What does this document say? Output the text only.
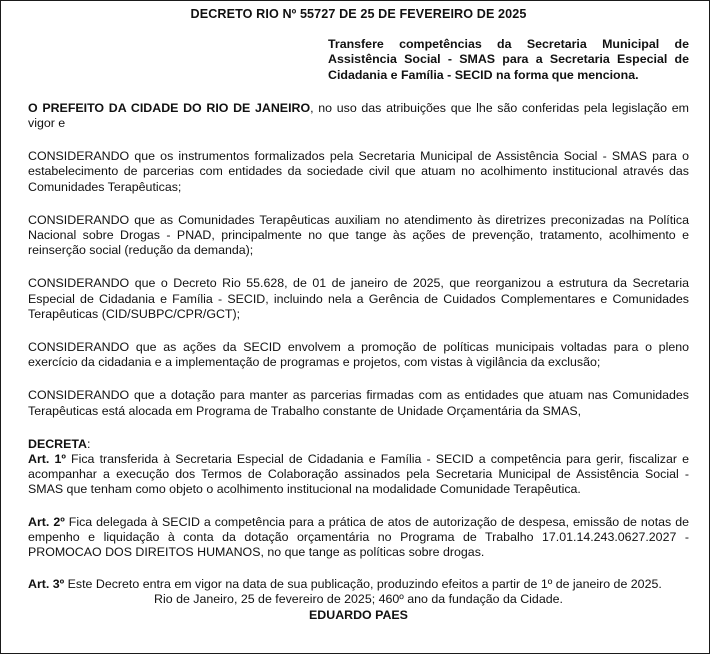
DECRETO RIO Nº 55727 DE 25 DE FEVEREIRO DE 2025
Transfere competências da Secretaria Municipal de Assistência Social - SMAS para a Secretaria Especial de Cidadania e Família - SECID na forma que menciona.

O PREFEITO DA CIDADE DO RIO DE JANEIRO, no uso das atribuições que lhe são conferidas pela legislação em vigor e

CONSIDERANDO que os instrumentos formalizados pela Secretaria Municipal de Assistência Social - SMAS para o estabelecimento de parcerias com entidades da sociedade civil que atuam no acolhimento institucional através das Comunidades Terapêuticas;

CONSIDERANDO que as Comunidades Terapêuticas auxiliam no atendimento às diretrizes preconizadas na Política Nacional sobre Drogas - PNAD, principalmente no que tange às ações de prevenção, tratamento, acolhimento e reinserção social (redução da demanda);

CONSIDERANDO que o Decreto Rio 55.628, de 01 de janeiro de 2025, que reorganizou a estrutura da Secretaria Especial de Cidadania e Família - SECID, incluindo nela a Gerência de Cuidados Complementares e Comunidades Terapêuticas (CID/SUBPC/CPR/GCT);

CONSIDERANDO que as ações da SECID envolvem a promoção de políticas municipais voltadas para o pleno exercício da cidadania e a implementação de programas e projetos, com vistas à vigilância da exclusão;

CONSIDERANDO que a dotação para manter as parcerias firmadas com as entidades que atuam nas Comunidades Terapêuticas está alocada em Programa de Trabalho constante de Unidade Orçamentária da SMAS,

DECRETA:

Art. 1º Fica transferida à Secretaria Especial de Cidadania e Família - SECID a competência para gerir, fiscalizar e acompanhar a execução dos Termos de Colaboração assinados pela Secretaria Municipal de Assistência Social - SMAS que tenham como objeto o acolhimento institucional na modalidade Comunidade Terapêutica.

Art. 2º Fica delegada à SECID a competência para a prática de atos de autorização de despesa, emissão de notas de empenho e liquidação à conta da dotação orçamentária no Programa de Trabalho 17.01.14.243.0627.2027 - PROMOCAO DOS DIREITOS HUMANOS, no que tange as políticas sobre drogas.

Art. 3º Este Decreto entra em vigor na data de sua publicação, produzindo efeitos a partir de 1º de janeiro de 2025.

Rio de Janeiro, 25 de fevereiro de 2025; 460º ano da fundação da Cidade.
EDUARDO PAES
